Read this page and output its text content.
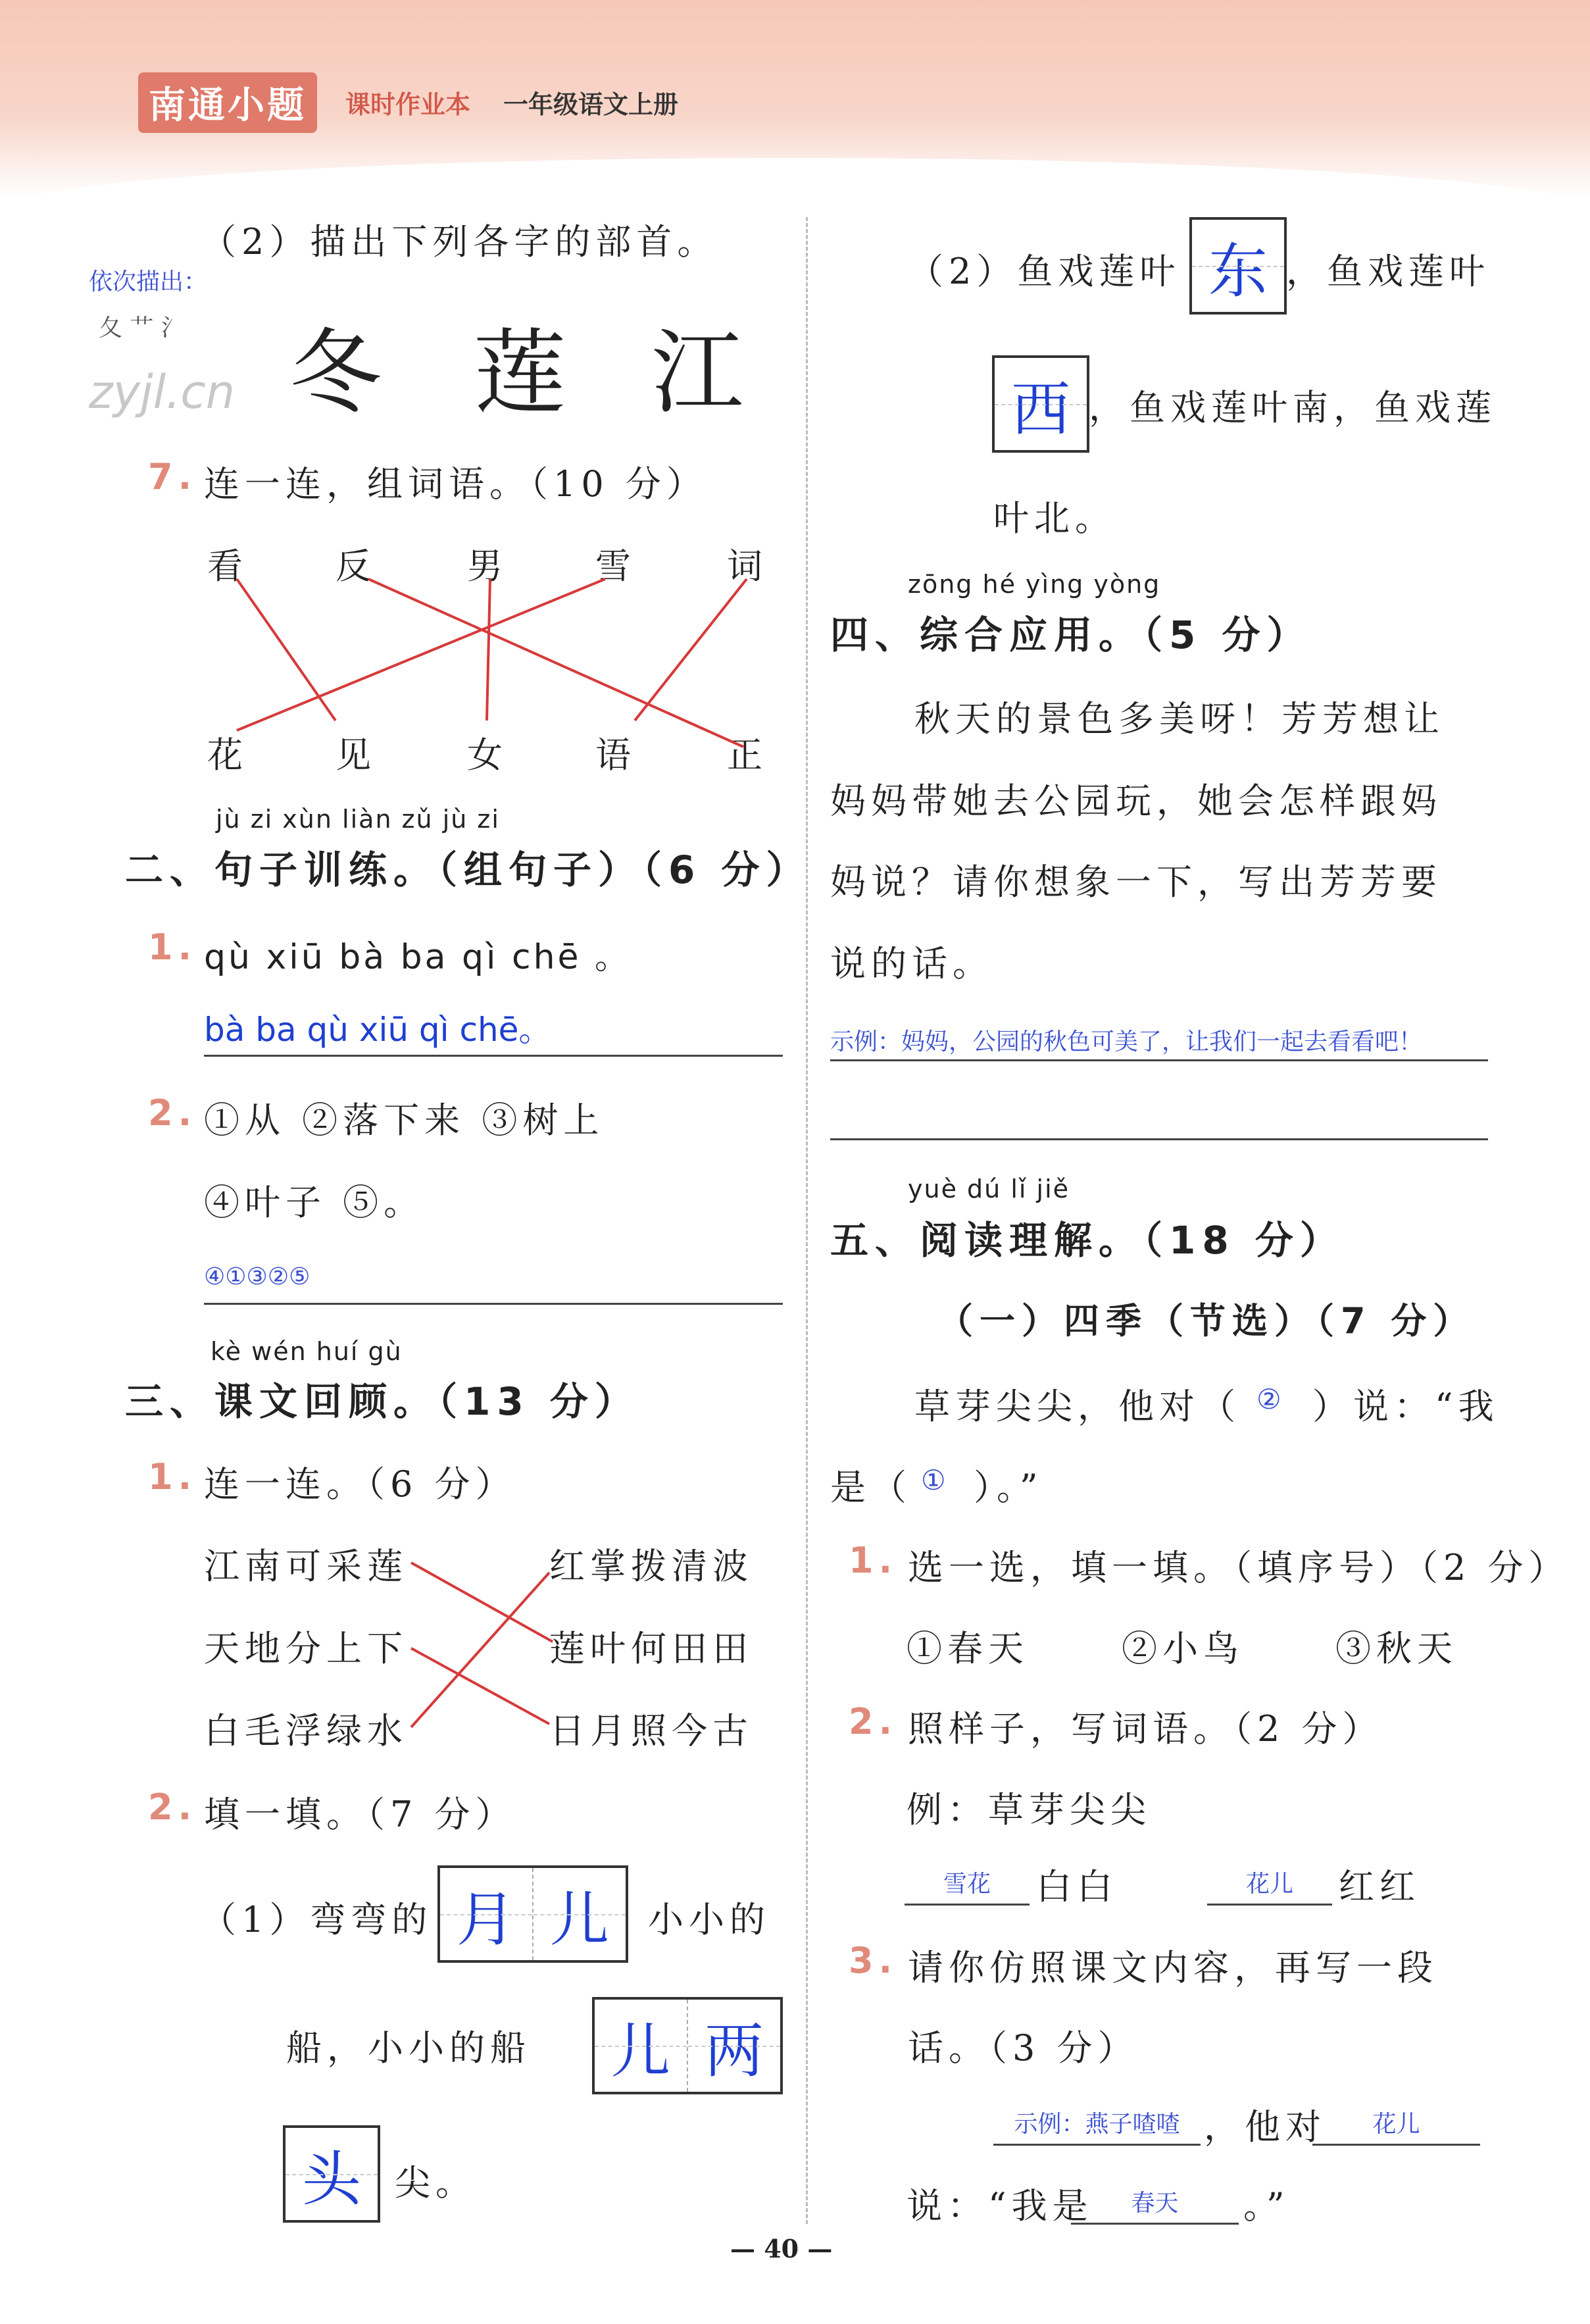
南通小题	课时作业本 一年级语文上册
（2）描出下列各字的部首。
依次描出：
夂 艹 氵
zyjl.cn 冬 莲 江
7. 连一连，组词语。（10 分）
看 反	男 雪	词
花 见	女 语	正
jù zi xùn liàn zǔ jù zi
二、句子训练。（组句子）（6 分）
1. qù xiū bà ba qì chē 。
bà ba qù xiū qì chē。
2. ①从 ②落下来 ③树上
④叶子 ⑤。
④①③②⑤
kè wén huí gù
三、课文回顾。（13 分）
1. 连一连。（6 分）
江南可采莲
天地分上下
白毛浮绿水
红掌拨清波
莲叶何田田
日月照今古
2. 填一填。（7 分）
（1）弯弯的 月 儿	小小的
船，小小的船 儿 两
头 尖。
（2）鱼戏莲叶 东 ，鱼戏莲叶
西 ，鱼戏莲叶南，鱼戏莲
叶北。
zōng hé yìng yòng
四、综合应用。（5 分）
秋天的景色多美呀！芳芳想让
妈妈带她去公园玩，她会怎样跟妈
妈说？请你想象一下，写出芳芳要
说的话。
示例：妈妈，公园的秋色可美了，让我们一起去看看吧！
yuè dú lǐ jiě
五、阅读理解。（18 分）
（一）四季（节选）（7 分）
草芽尖尖，他对（ ② ）说：“我
是（ ① ）。”
1. 选一选，填一填。（填序号）（2 分）
①春天	②小鸟	③秋天
2. 照样子，写词语。（2 分）
例：草芽尖尖
雪花	白白	花儿	红红
3. 请你仿照课文内容，再写一段
话。（3 分）
示例：燕子喳喳 ，他对	花儿
说：“我是	春天	。”
— 40 —
